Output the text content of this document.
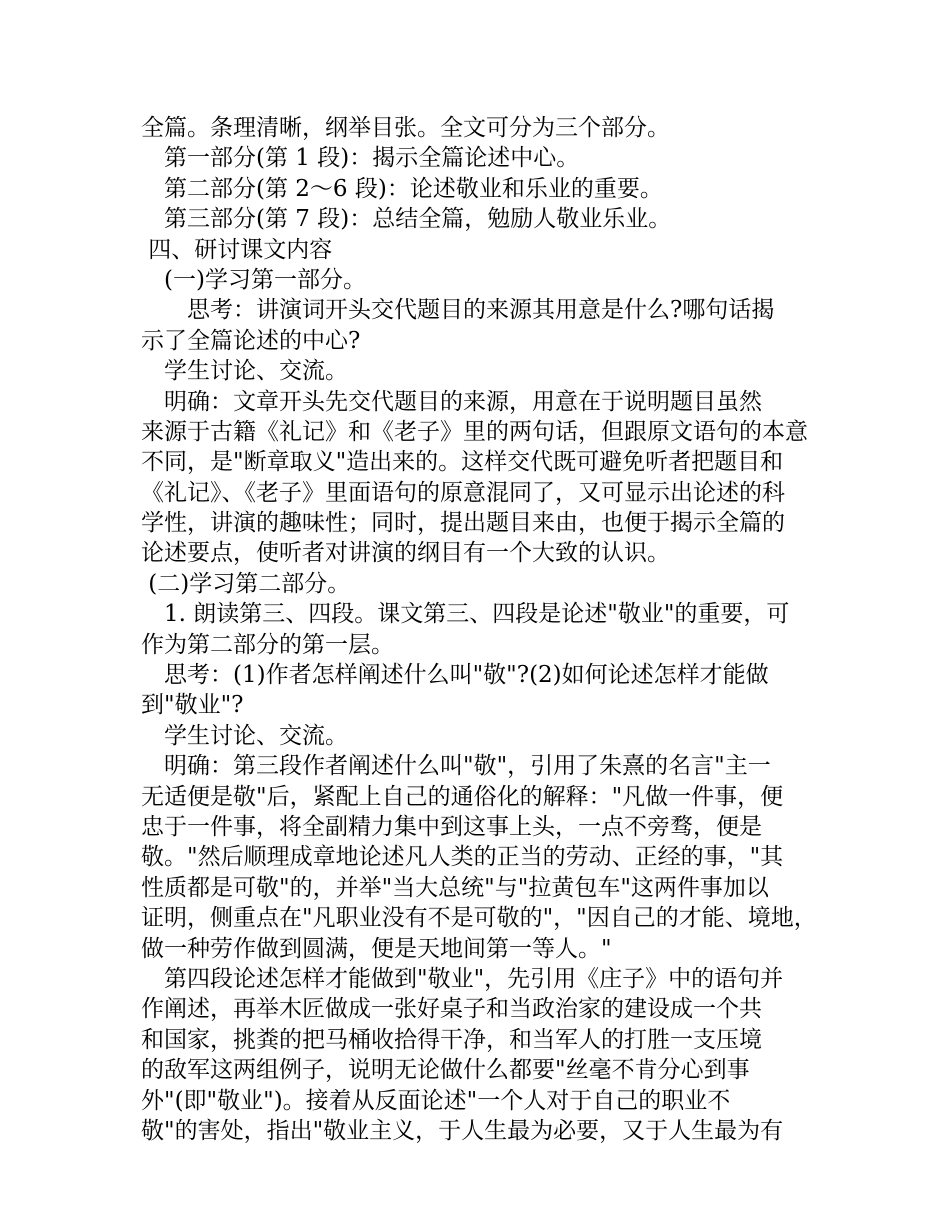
全篇。条理清晰，纲举目张。全文可分为三个部分。
　第一部分(第 1 段)：揭示全篇论述中心。
　第二部分(第 2～6 段)：论述敬业和乐业的重要。
　第三部分(第 7 段)：总结全篇，勉励人敬业乐业。
四、研讨课文内容
　(一)学习第一部分。
　　思考：讲演词开头交代题目的来源其用意是什么?哪句话揭
示了全篇论述的中心?
　学生讨论、交流。
　明确：文章开头先交代题目的来源，用意在于说明题目虽然
来源于古籍《礼记》和《老子》里的两句话，但跟原文语句的本意
不同，是"断章取义"造出来的。这样交代既可避免听者把题目和
《礼记》、《老子》里面语句的原意混同了，又可显示出论述的科
学性，讲演的趣味性；同时，提出题目来由，也便于揭示全篇的
论述要点，使听者对讲演的纲目有一个大致的认识。
(二)学习第二部分。
　1. 朗读第三、四段。课文第三、四段是论述"敬业"的重要，可
作为第二部分的第一层。
　思考：(1)作者怎样阐述什么叫"敬"?(2)如何论述怎样才能做
到"敬业"?
　学生讨论、交流。
　明确：第三段作者阐述什么叫"敬"，引用了朱熹的名言"主一
无适便是敬"后，紧配上自己的通俗化的解释："凡做一件事，便
忠于一件事，将全副精力集中到这事上头，一点不旁骛，便是
敬。"然后顺理成章地论述凡人类的正当的劳动、正经的事，"其
性质都是可敬"的，并举"当大总统"与"拉黄包车"这两件事加以
证明，侧重点在"凡职业没有不是可敬的"，"因自己的才能、境地，
做一种劳作做到圆满，便是天地间第一等人。"
　第四段论述怎样才能做到"敬业"，先引用《庄子》中的语句并
作阐述，再举木匠做成一张好桌子和当政治家的建设成一个共
和国家，挑粪的把马桶收拾得干净，和当军人的打胜一支压境
的敌军这两组例子，说明无论做什么都要"丝毫不肯分心到事
外"(即"敬业")。接着从反面论述"一个人对于自己的职业不
敬"的害处，指出"敬业主义，于人生最为必要，又于人生最为有
